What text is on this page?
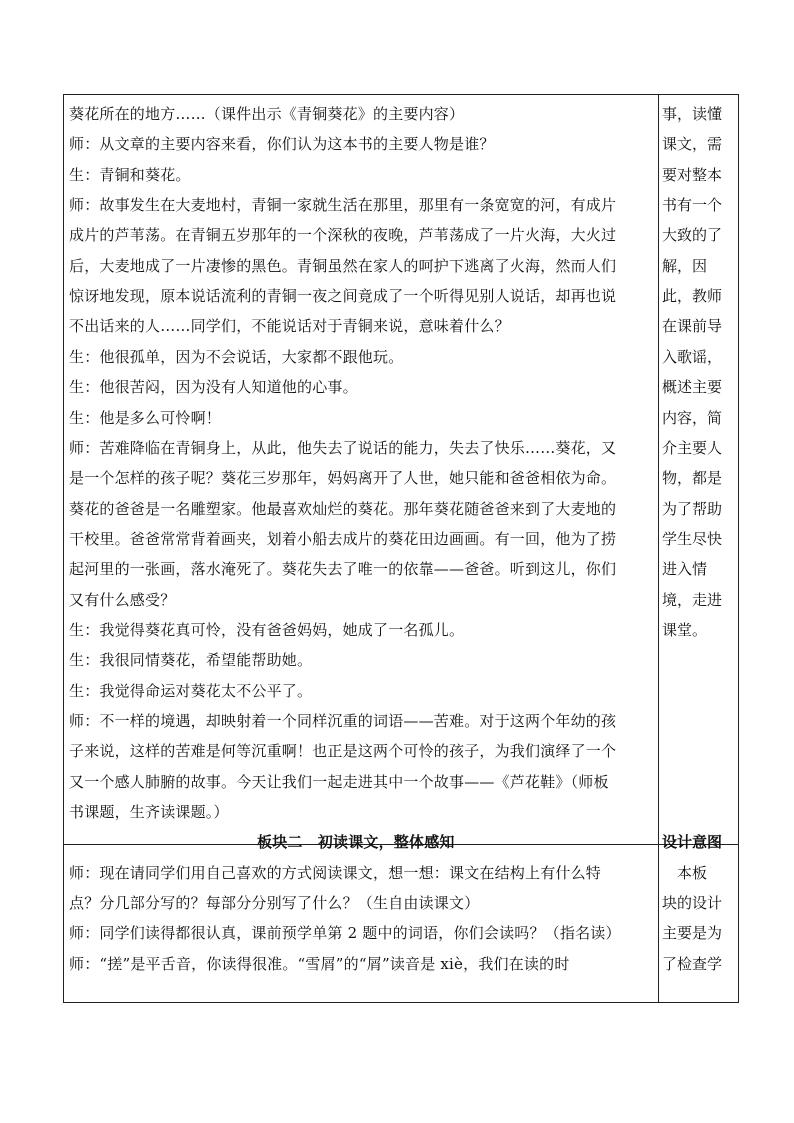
葵花所在的地方……（课件出示《青铜葵花》的主要内容）
师：从文章的主要内容来看，你们认为这本书的主要人物是谁？
生：青铜和葵花。
师：故事发生在大麦地村，青铜一家就生活在那里，那里有一条宽宽的河，有成片
成片的芦苇荡。在青铜五岁那年的一个深秋的夜晚，芦苇荡成了一片火海，大火过
后，大麦地成了一片凄惨的黑色。青铜虽然在家人的呵护下逃离了火海，然而人们
惊讶地发现，原本说话流利的青铜一夜之间竟成了一个听得见别人说话，却再也说
不出话来的人……同学们，不能说话对于青铜来说，意味着什么？
生：他很孤单，因为不会说话，大家都不跟他玩。
生：他很苦闷，因为没有人知道他的心事。
生：他是多么可怜啊！
师：苦难降临在青铜身上，从此，他失去了说话的能力，失去了快乐……葵花，又
是一个怎样的孩子呢？葵花三岁那年，妈妈离开了人世，她只能和爸爸相依为命。
葵花的爸爸是一名雕塑家。他最喜欢灿烂的葵花。那年葵花随爸爸来到了大麦地的
干校里。爸爸常常背着画夹，划着小船去成片的葵花田边画画。有一回，他为了捞
起河里的一张画，落水淹死了。葵花失去了唯一的依靠——爸爸。听到这儿，你们
又有什么感受？
生：我觉得葵花真可怜，没有爸爸妈妈，她成了一名孤儿。
生：我很同情葵花，希望能帮助她。
生：我觉得命运对葵花太不公平了。
师：不一样的境遇，却映射着一个同样沉重的词语——苦难。对于这两个年幼的孩
子来说，这样的苦难是何等沉重啊！也正是这两个可怜的孩子，为我们演绎了一个
又一个感人肺腑的故事。今天让我们一起走进其中一个故事——《芦花鞋》（师板
书课题，生齐读课题。）
板块二　初读课文，整体感知
师：现在请同学们用自己喜欢的方式阅读课文，想一想：课文在结构上有什么特
点？分几部分写的？每部分分别写了什么？（生自由读课文）
师：同学们读得都很认真，课前预学单第 2 题中的词语，你们会读吗？（指名读）
师：“搓”是平舌音，你读得很准。“雪屑”的“屑”读音是 xiè，我们在读的时
事，读懂
课文，需
要对整本
书有一个
大致的了
解，因
此，教师
在课前导
入歌谣，
概述主要
内容，简
介主要人
物，都是
为了帮助
学生尽快
进入情
境，走进
课堂。
设计意图
　本板
块的设计
主要是为
了检查学
